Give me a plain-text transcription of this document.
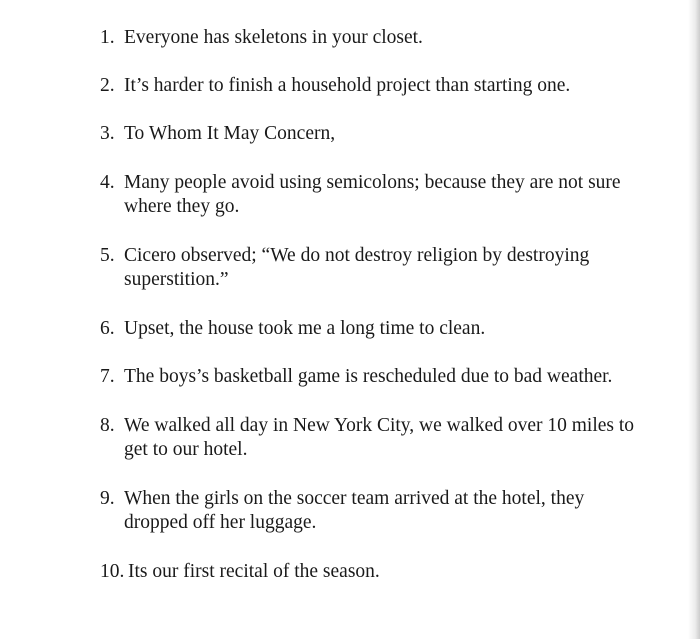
1. Everyone has skeletons in your closet.
2. It’s harder to finish a household project than starting one.
3. To Whom It May Concern,
4. Many people avoid using semicolons; because they are not sure where they go.
5. Cicero observed; “We do not destroy religion by destroying superstition.”
6. Upset, the house took me a long time to clean.
7. The boys’s basketball game is rescheduled due to bad weather.
8. We walked all day in New York City, we walked over 10 miles to get to our hotel.
9. When the girls on the soccer team arrived at the hotel, they dropped off her luggage.
10. Its our first recital of the season.
